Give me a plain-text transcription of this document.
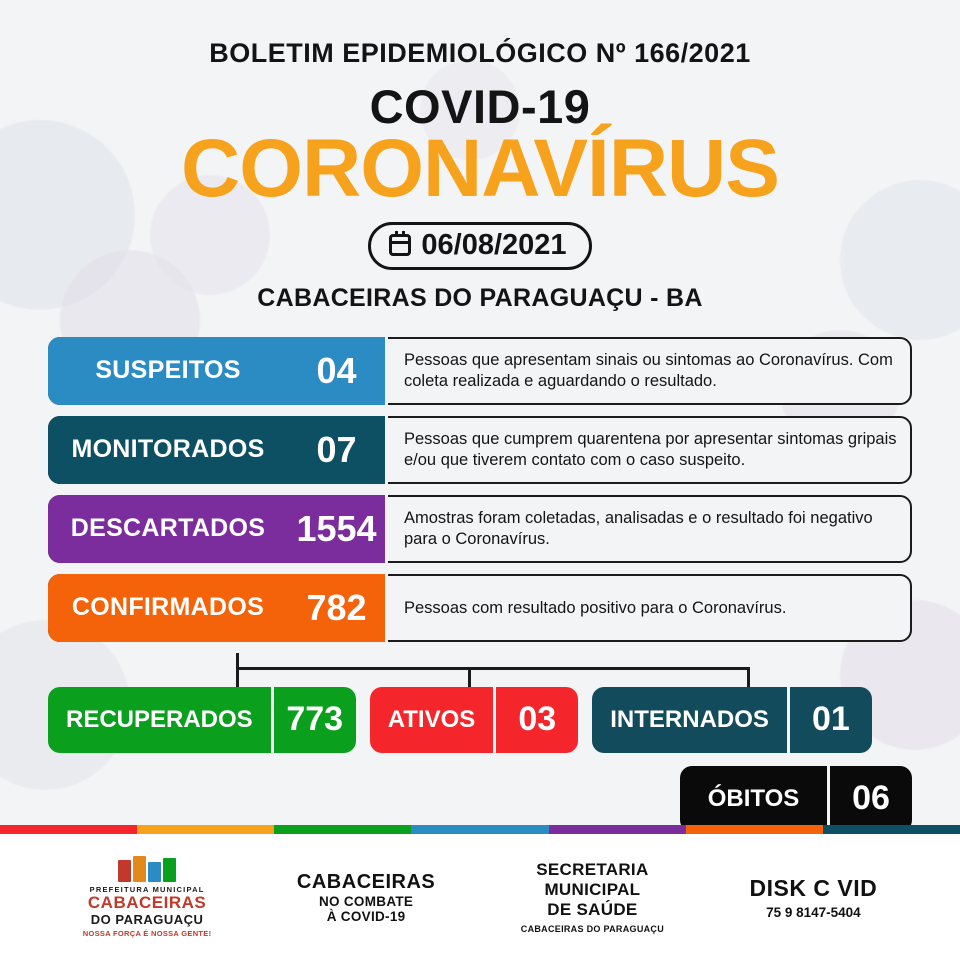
BOLETIM EPIDEMIOLÓGICO Nº 166/2021
COVID-19
CORONAVÍRUS
06/08/2021
CABACEIRAS DO PARAGUAÇU - BA
SUSPEITOS	04	Pessoas que apresentam sinais ou sintomas ao Coronavírus. Com coleta realizada e aguardando o resultado.
MONITORADOS	07	Pessoas que cumprem quarentena por apresentar sintomas gripais e/ou que tiverem contato com o caso suspeito.
DESCARTADOS 1554	Amostras foram coletadas, analisadas e o resultado foi negativo para o Coronavírus.
CONFIRMADOS	782	Pessoas com resultado positivo para o Coronavírus.
RECUPERADOS 773	ATIVOS	03	INTERNADOS	01
ÓBITOS	06
PREFEITURA MUNICIPAL
CABACEIRAS
DO PARAGUAÇU
NOSSA FORÇA É NOSSA GENTE!
CABACEIRAS
NO COMBATE
À COVID-19
SECRETARIA
MUNICIPAL
DE SAÚDE
CABACEIRAS DO PARAGUAÇU
DISK C VID
75 9 8147-5404
